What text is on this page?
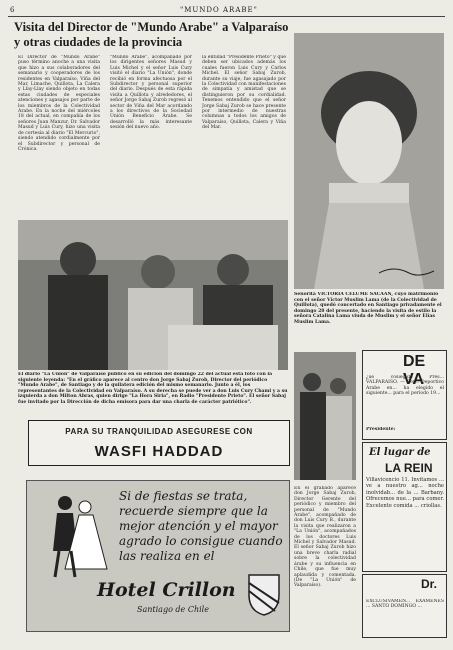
6	"MUNDO ARABE"
Visita del Director de "Mundo Arabe" a Valparaíso y otras ciudades de la provincia
El Director de "Mundo Arabe" puso término anoche a una visita que hizo a sus colaboradores del semanario y cooperadores de los residentes en Valparaíso, Viña del Mar, Limache, Quillota, La Calera y Llay-Llay siendo objeto en todas estas ciudades de especiales atenciones y agasajos por parte de los miembros de la Colectividad Arabe. En la noche del miércoles 18 del actual, en compañía de los señores Juan Manzur, Dr. Salvador Masud y Luis Cury, hizo una visita de cortesía al diario "El Mercurio", siendo atendido cordialmente por el Subdirector y personal de Crónica.
"Mundo Arabe", acompañado por los dirigentes señores Masud y Luis Michel y el señor Luis Cury visitó el diario "La Unión", donde recibió en forma afectuosa por el Subdirector y personal superior del diario. Después de esta rápida visita a Quillota y alrededores, el señor Jorge Sabaj Zurob regresó al sector de Viña del Mar acordando a los directivos de la Sociedad Unión Beneficio Árabe. Se desarrolló la más interesante sesión del nuevo año.
la entidad "Presidente Prieto" y que deben ser ubicados además los cuales fueron Luis Cury y Carlos Michel. El señor Sabaj Zurob, durante su viaje, fue agasajado por la Colectividad con manifestaciones de simpatía y amistad que se distinguieron por su cordialidad. Tenemos entendido que el señor Jorge Sabaj Zurob se hace presente por intermedio de nuestras columnas a todos los amigos de Valparaíso, Quillota, Calera y Viña del Mar.
El diario "La Unión" de Valparaíso publicó en su edición del domingo 22 del actual esta foto con la siguiente leyenda: "En el gráfico aparece al centro don Jorge Sabaj Zurob, Director del periódico "Mundo Arabe", de Santiago y de la quilatera edición del mismo semanario. Junto a él, los representantes de la Colectividad en Valparaíso. A su derecha se puede ver a don Luis Cury Chami y a su izquierda a don Milton Abras, quien dirige "La Hora Siria", en Radio "Presidente Prieto". El señor Sabaj fue invitado por la Dirección de dicha emisora para dar una charla de carácter patriótico".
Señorita VICTORIA CELUME SACAAN, cuyo matrimonio con el señor Víctor Muslim Lama (de la Colectividad de Quillota), quedó concertado en Santiago privadamente el domingo 28 del presente, haciendo la visita de estilo la señora Catalina Lama viuda de Muslim y el señor Elías Muslim Lama.
PARA SU TRANQUILIDAD ASEGURESE CON
WASFI HADDAD
Si de fiestas se trata, recuerde siempre que la mejor atención y el mayor agrado lo consigue cuando las realiza en el
Hotel Crillon
Santiago de Chile
En el grabado aparece don Jorge Sabaj Zurob, Director Gerente del periódico y miembro del personal de "Mundo Arabe", acompañado de don Luis Cury B., durante la visita que realizaron a "La Unión", acompañados de los doctores Luis Michel y Salvador Masud. El señor Sabaj Zurob hizo una breve charla radial sobre la colectividad árabe y su influencia en Chile, que fue muy aplaudida y comentada. (De "La Unión" de Valparaíso).
DE VA
¿ué cosiegido Pres... VALPARAISO. — Ser... Deportivo Arabe en... ha elegido el siguiente... para el período 19...
Presidente:
El lugar de
LA REIN
Villavicencio 11. Invitamos ... ve a nuestro ag... noche inolvidab... de la ... Barbany. Ofrecemos nue... para comer. Excelente comida ... criollas.
Dr.
EXCLUSIVAMEN... EXAMENES ... SANTO DOMINGO ...
